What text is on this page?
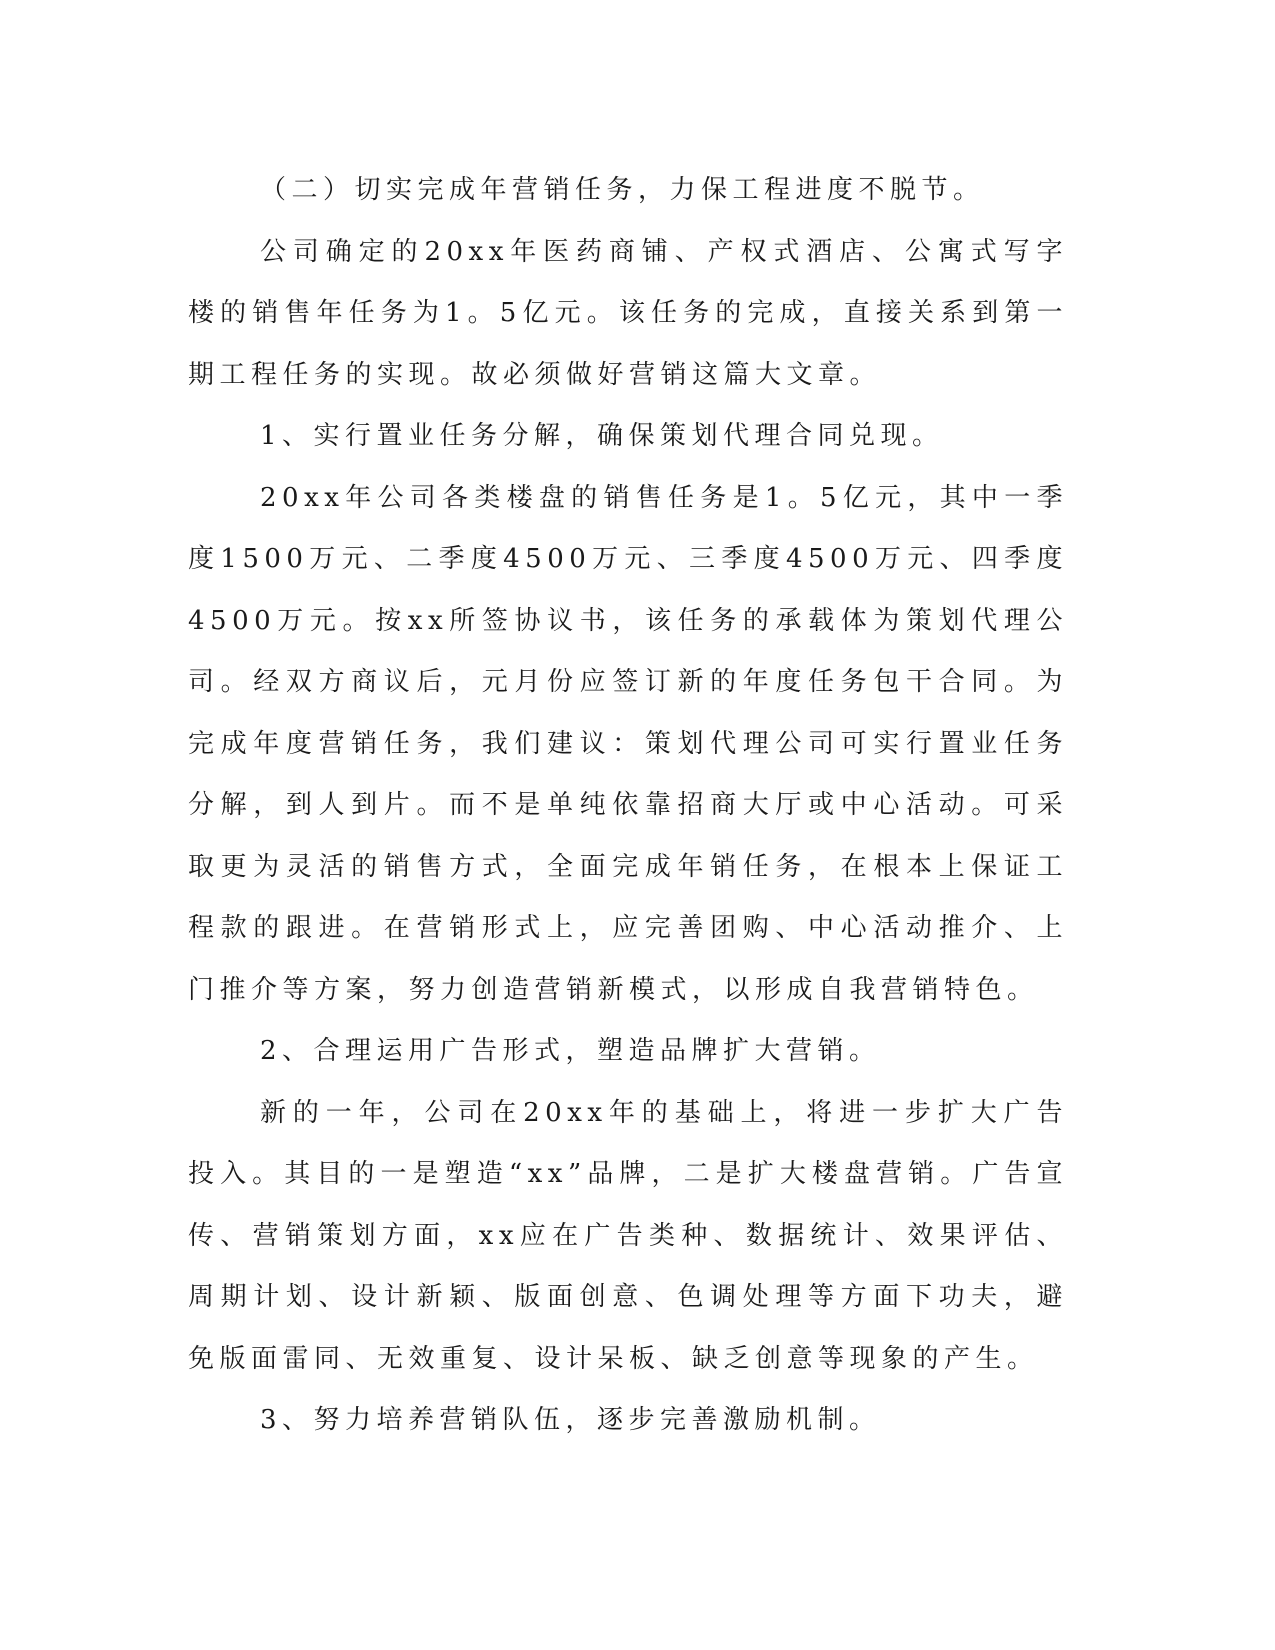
（二）切实完成年营销任务，力保工程进度不脱节。

公司确定的20xx年医药商铺、产权式酒店、公寓式写字楼的销售年任务为1。5亿元。该任务的完成，直接关系到第一期工程任务的实现。故必须做好营销这篇大文章。

1、实行置业任务分解，确保策划代理合同兑现。

20xx年公司各类楼盘的销售任务是1。5亿元，其中一季度1500万元、二季度4500万元、三季度4500万元、四季度4500万元。按xx所签协议书，该任务的承载体为策划代理公司。经双方商议后，元月份应签订新的年度任务包干合同。为完成年度营销任务，我们建议：策划代理公司可实行置业任务分解，到人到片。而不是单纯依靠招商大厅或中心活动。可采取更为灵活的销售方式，全面完成年销任务，在根本上保证工程款的跟进。在营销形式上，应完善团购、中心活动推介、上门推介等方案，努力创造营销新模式，以形成自我营销特色。

2、合理运用广告形式，塑造品牌扩大营销。

新的一年，公司在20xx年的基础上，将进一步扩大广告投入。其目的一是塑造“xx”品牌，二是扩大楼盘营销。广告宣传、营销策划方面，xx应在广告类种、数据统计、效果评估、周期计划、设计新颖、版面创意、色调处理等方面下功夫，避免版面雷同、无效重复、设计呆板、缺乏创意等现象的产生。

3、努力培养营销队伍，逐步完善激励机制。
